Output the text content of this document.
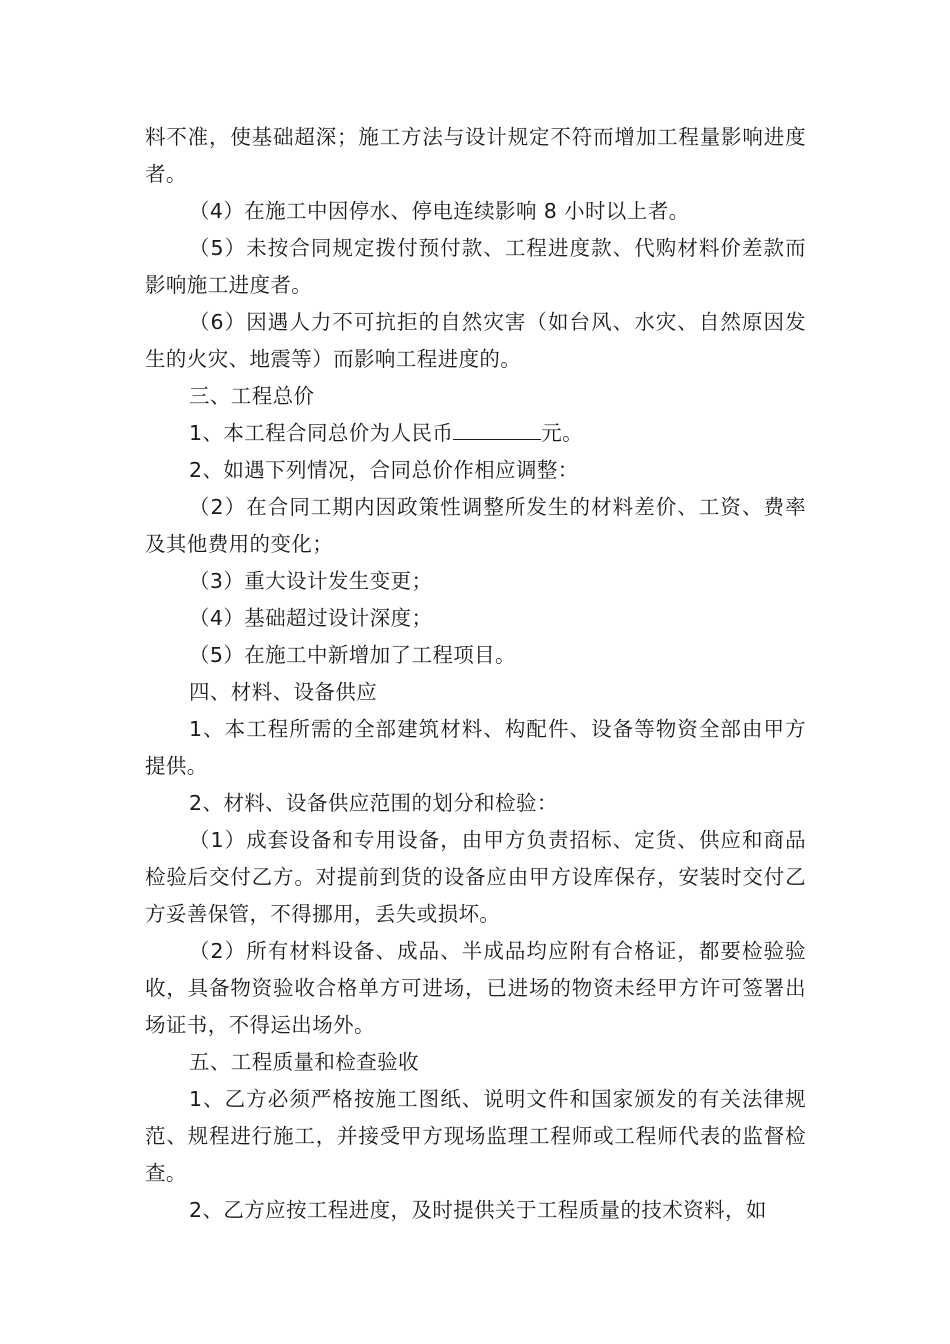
料不准，使基础超深；施工方法与设计规定不符而增加工程量影响进度者。

（4）在施工中因停水、停电连续影响 8 小时以上者。

（5）未按合同规定拨付预付款、工程进度款、代购材料价差款而影响施工进度者。

（6）因遇人力不可抗拒的自然灾害（如台风、水灾、自然原因发生的火灾、地震等）而影响工程进度的。

三、工程总价

1、本工程合同总价为人民币	元。

2、如遇下列情况，合同总价作相应调整：

（2）在合同工期内因政策性调整所发生的材料差价、工资、费率及其他费用的变化；

（3）重大设计发生变更；

（4）基础超过设计深度；

（5）在施工中新增加了工程项目。

四、材料、设备供应

1、本工程所需的全部建筑材料、构配件、设备等物资全部由甲方提供。

2、材料、设备供应范围的划分和检验：

（1）成套设备和专用设备，由甲方负责招标、定货、供应和商品检验后交付乙方。对提前到货的设备应由甲方设库保存，安装时交付乙方妥善保管，不得挪用，丢失或损坏。

（2）所有材料设备、成品、半成品均应附有合格证，都要检验验收，具备物资验收合格单方可进场，已进场的物资未经甲方许可签署出场证书，不得运出场外。

五、工程质量和检查验收

1、乙方必须严格按施工图纸、说明文件和国家颁发的有关法律规范、规程进行施工，并接受甲方现场监理工程师或工程师代表的监督检查。

2、乙方应按工程进度，及时提供关于工程质量的技术资料，如
